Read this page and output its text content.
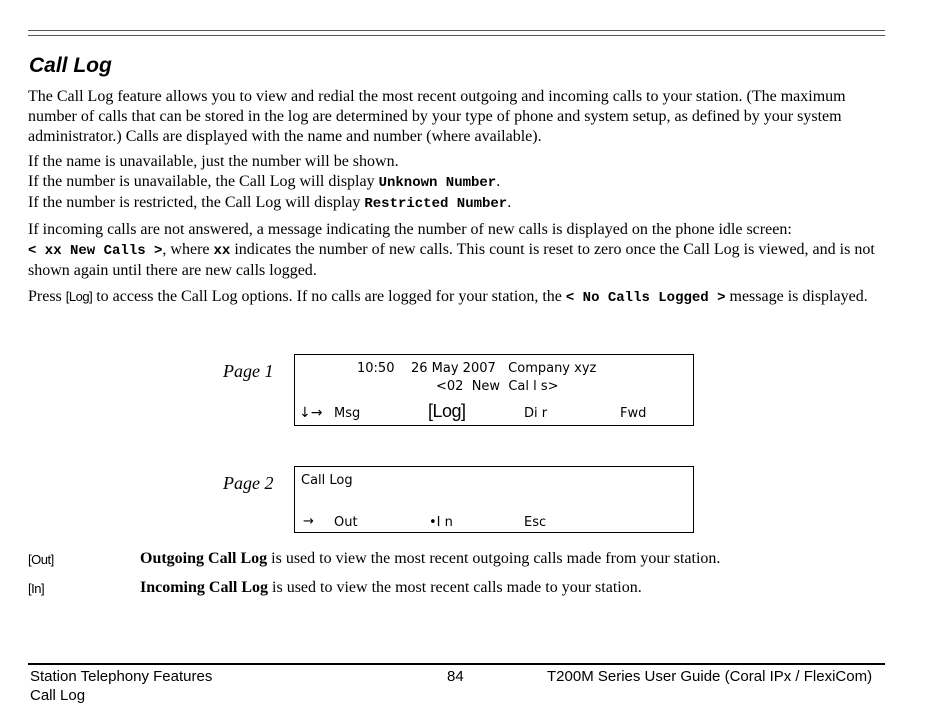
Call Log

The Call Log feature allows you to view and redial the most recent outgoing and incoming calls to your station. (The maximum number of calls that can be stored in the log are determined by your type of phone and system setup, as defined by your system administrator.) Calls are displayed with the name and number (where available).

If the name is unavailable, just the number will be shown.
If the number is unavailable, the Call Log will display Unknown Number.
If the number is restricted, the Call Log will display Restricted Number.
If incoming calls are not answered, a message indicating the number of new calls is displayed on the phone idle screen:
< xx New Calls >, where xx indicates the number of new calls. This count is reset to zero once the Call Log is viewed, and is not shown again until there are new calls logged.
Press [Log] to access the Call Log options. If no calls are logged for your station, the < No Calls Logged > message is displayed.
Page 1	10:50    26 May 2007   Company xyz
<02  New  Cal l s>
↓→ Msg	[Log]	Di r	Fwd
Page 2 Call Log
→ Out	•I n	Esc
[Out]	Outgoing Call Log is used to view the most recent outgoing calls made from your station.
[In]	Incoming Call Log is used to view the most recent calls made to your station.
Station Telephony Features
Call Log
84	T200M Series User Guide (Coral IPx / FlexiCom)
